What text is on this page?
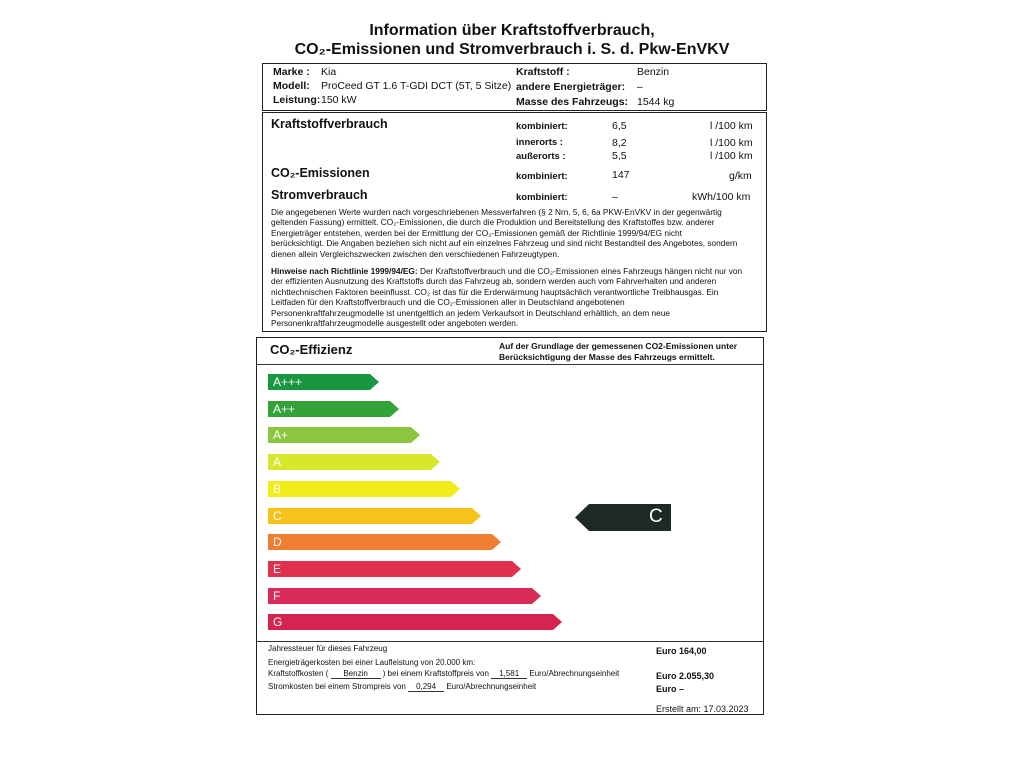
Information über Kraftstoffverbrauch,
CO₂-Emissionen und Stromverbrauch i. S. d. Pkw-EnVKV
Marke : Kia
Modell: ProCeed GT 1.6 T-GDI DCT (5T, 5 Sitze)
Leistung: 150 kW
Kraftstoff :	Benzin
andere Energieträger: –
Masse des Fahrzeugs: 1544 kg
Kraftstoffverbrauch	kombiniert:	6,5	l /100 km
innerorts :	8,2	l /100 km
außerorts :	5,5	l /100 km
CO₂-Emissionen	kombiniert:	147	g/km
Stromverbrauch	kombiniert:	–	kWh/100 km
Die angegebenen Werte wurden nach vorgeschriebenen Messverfahren (§ 2 Nrn. 5, 6, 6a PKW-EnVKV in der gegenwärtig
geltenden Fassung) ermittelt. CO₂-Emissionen, die durch die Produktion und Bereitstellung des Kraftstoffes bzw. anderer
Energieträger entstehen, werden bei der Ermittlung der CO₂-Emissionen gemäß der Richtlinie 1999/94/EG nicht
berücksichtigt. Die Angaben beziehen sich nicht auf ein einzelnes Fahrzeug und sind nicht Bestandteil des Angebotes, sondern
dienen allein Vergleichszwecken zwischen den verschiedenen Fahrzeugtypen.
Hinweise nach Richtlinie 1999/94/EG: Der Kraftstoffverbrauch und die CO₂-Emissionen eines Fahrzeugs hängen nicht nur von
der effizienten Ausnutzung des Kraftstoffs durch das Fahrzeug ab, sondern werden auch vom Fahrverhalten und anderen
nichttechnischen Faktoren beeinflusst. CO₂ ist das für die Erderwärmung hauptsächlich verantwortliche Treibhausgas. Ein
Leitfaden für den Kraftstoffverbrauch und die CO₂-Emissionen aller in Deutschland angebotenen
Personenkraftfahrzeugmodelle ist unentgeltlich an jedem Verkaufsort in Deutschland erhältlich, an dem neue
Personenkraftfahrzeugmodelle ausgestellt oder angeboten werden.
CO₂-Effizienz	Auf der Grundlage der gemessenen CO2-Emissionen unter
Berücksichtigung der Masse des Fahrzeugs ermittelt.
A+++
A++
A+
A
B
C
D
E
F
G
C
Jahressteuer für dieses Fahrzeug	Euro 164,00
Energieträgerkosten bei einer Laufleistung von 20.000 km:
Kraftstoffkosten ( Benzin ) bei einem Kraftstoffpreis von 1,581 Euro/Abrechnungseinheit	Euro 2.055,30
Stromkosten bei einem Strompreis von 0,294 Euro/Abrechnungseinheit	Euro –
Erstellt am: 17.03.2023
